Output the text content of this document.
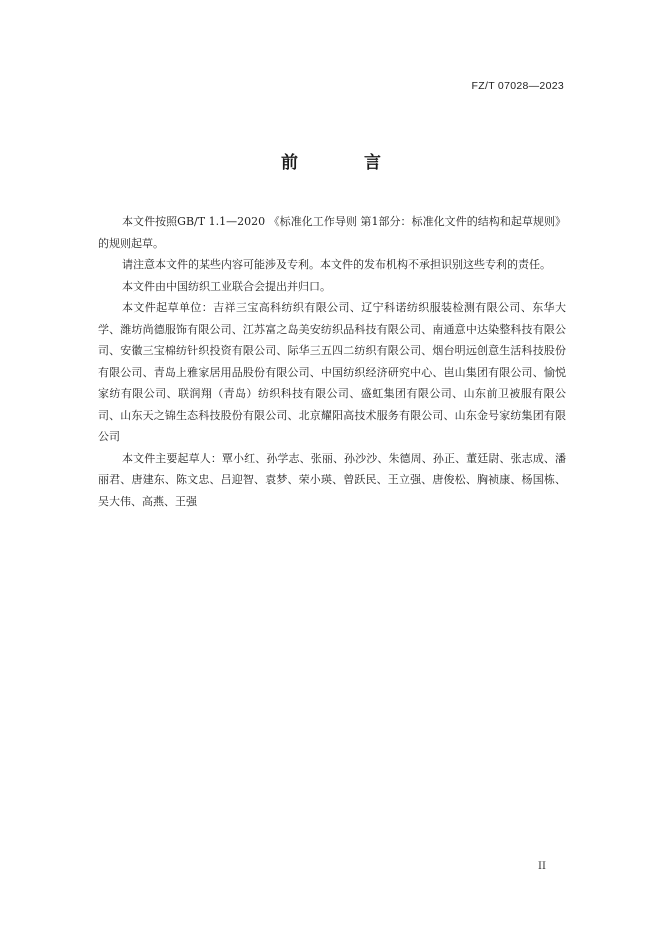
FZ/T 07028—2023
前 言

本文件按照GB/T 1.1—2020 《标准化工作导则 第1部分：标准化文件的结构和起草规则》的规则起草。

请注意本文件的某些内容可能涉及专利。本文件的发布机构不承担识别这些专利的责任。

本文件由中国纺织工业联合会提出并归口。

本文件起草单位：吉祥三宝高科纺织有限公司、辽宁科诺纺织服装检测有限公司、东华大学、潍坊尚德服饰有限公司、江苏富之岛美安纺织品科技有限公司、南通意中达染整科技有限公司、安徽三宝棉纺针织投资有限公司、际华三五四二纺织有限公司、烟台明远创意生活科技股份有限公司、青岛上雅家居用品股份有限公司、中国纺织经济研究中心、岜山集团有限公司、愉悦家纺有限公司、联润翔（青岛）纺织科技有限公司、盛虹集团有限公司、山东前卫被服有限公司、山东天之锦生态科技股份有限公司、北京耀阳高技术服务有限公司、山东金号家纺集团有限公司

本文件主要起草人：覃小红、孙学志、张丽、孙沙沙、朱德周、孙正、董廷尉、张志成、潘丽君、唐建东、陈文忠、吕迎智、袁梦、荣小瑛、曾跃民、王立强、唐俊松、胸祯康、杨国栋、吴大伟、高燕、王强

II
